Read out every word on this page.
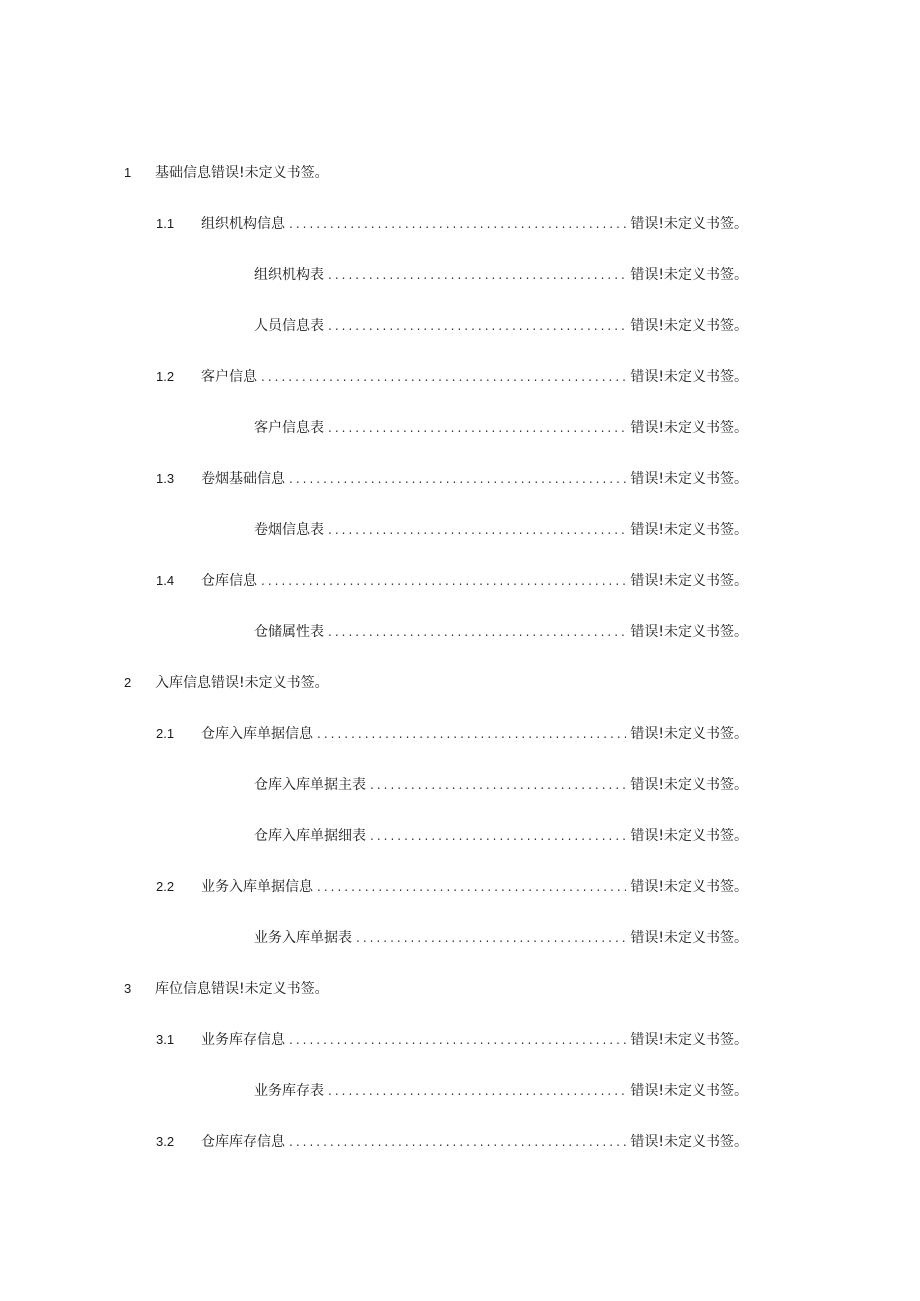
1 基础信息 错误!未定义书签。
1.1 组织机构信息 .....	错误!未定义书签。
组织机构表 .....	错误!未定义书签。
人员信息表 .....	错误!未定义书签。
1.2 客户信息 .....	错误!未定义书签。
客户信息表 .....	错误!未定义书签。
1.3 卷烟基础信息 .....	错误!未定义书签。
卷烟信息表 .....	错误!未定义书签。
1.4 仓库信息 .....	错误!未定义书签。
仓储属性表 .....	错误!未定义书签。
2 入库信息 错误!未定义书签。
2.1 仓库入库单据信息 .....	错误!未定义书签。
仓库入库单据主表 .....	错误!未定义书签。
仓库入库单据细表 .....	错误!未定义书签。
2.2 业务入库单据信息 .....	错误!未定义书签。
业务入库单据表 .....	错误!未定义书签。
3 库位信息 错误!未定义书签。
3.1 业务库存信息 .....	错误!未定义书签。
业务库存表 .....	错误!未定义书签。
3.2 仓库库存信息 .....	错误!未定义书签。
